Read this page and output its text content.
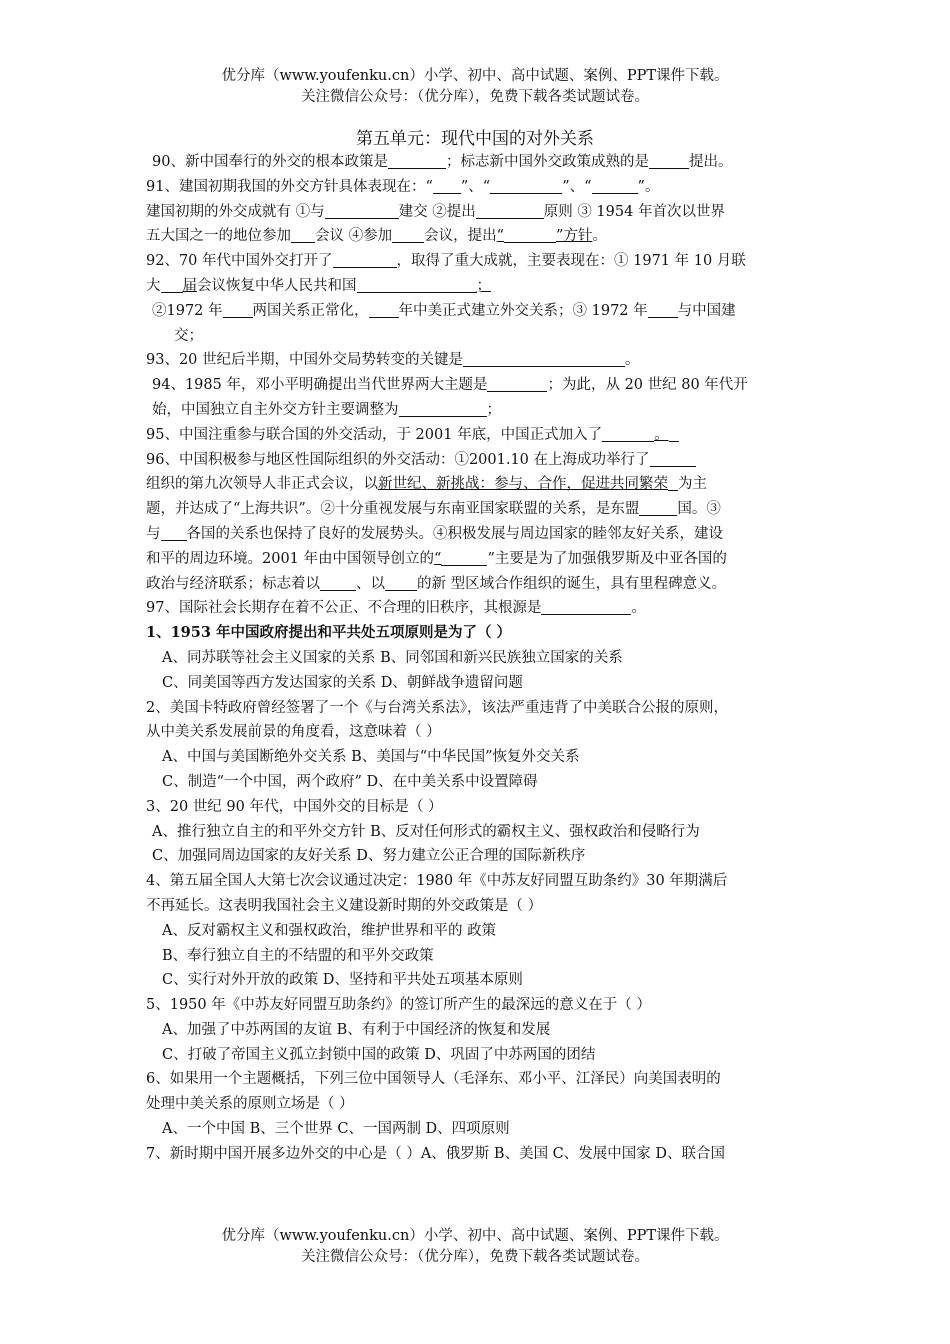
优分库（www.youfenku.cn）小学、初中、高中试题、案例、PPT课件下载。
关注微信公众号：（优分库），免费下载各类试题试卷。
第五单元：现代中国的对外关系
90、新中国奉行的外交的根本政策是	；标志新中国外交政策成熟的是	提出。
91、建国初期我国的外交方针具体表现在：“ ”、“	”、“	”。
建国初期的外交成就有 ①与	建交 ②提出	原则 ③ 1954 年首次以世界
五大国之一的地位参加 会议 ④参加 会议，提出“	”方针。
92、70 年代中国外交打开了	，取得了重大成就，主要表现在：① 1971 年 10 月联
大 届会议恢复中华人民共和国	；
②1972 年 两国关系正常化， 年中美正式建立外交关系；③ 1972 年 与中国建
交；
93、20 世纪后半期，中国外交局势转变的关键是	。
94、1985 年，邓小平明确提出当代世界两大主题是	；为此，从 20 世纪 80 年代开
始，中国独立自主外交方针主要调整为	；
95、中国注重参与联合国的外交活动，于 2001 年底，中国正式加入了	。
96、中国积极参与地区性国际组织的外交活动：①2001.10 在上海成功举行了
组织的第九次领导人非正式会议，以新世纪、新挑战：参与、合作，促进共同繁荣 为主
题，并达成了“上海共识”。②十分重视发展与东南亚国家联盟的关系，是东盟	国。③
与 各国的关系也保持了良好的发展势头。④积极发展与周边国家的睦邻友好关系，建设
和平的周边环境。2001 年由中国领导创立的“	”主要是为了加强俄罗斯及中亚各国的
政治与经济联系；标志着以 、以 的新 型区域合作组织的诞生，具有里程碑意义。
97、国际社会长期存在着不公正、不合理的旧秩序，其根源是	。
1、1953 年中国政府提出和平共处五项原则是为了（ ）
A、同苏联等社会主义国家的关系 B、同邻国和新兴民族独立国家的关系
C、同美国等西方发达国家的关系 D、朝鲜战争遗留问题
2、美国卡特政府曾经签署了一个《与台湾关系法》，该法严重违背了中美联合公报的原则，
从中美关系发展前景的角度看，这意味着（ ）
A、中国与美国断绝外交关系 B、美国与“中华民国”恢复外交关系
C、制造“一个中国，两个政府” D、在中美关系中设置障碍
3、20 世纪 90 年代，中国外交的目标是（ ）
A、推行独立自主的和平外交方针 B、反对任何形式的霸权主义、强权政治和侵略行为
C、加强同周边国家的友好关系 D、努力建立公正合理的国际新秩序
4、第五届全国人大第七次会议通过决定：1980 年《中苏友好同盟互助条约》30 年期满后
不再延长。这表明我国社会主义建设新时期的外交政策是（ ）
A、反对霸权主义和强权政治，维护世界和平的 政策
B、奉行独立自主的不结盟的和平外交政策
C、实行对外开放的政策 D、坚持和平共处五项基本原则
5、1950 年《中苏友好同盟互助条约》的签订所产生的最深远的意义在于（ ）
A、加强了中苏两国的友谊 B、有利于中国经济的恢复和发展
C、打破了帝国主义孤立封锁中国的政策 D、巩固了中苏两国的团结
6、如果用一个主题概括，下列三位中国领导人（毛泽东、邓小平、江泽民）向美国表明的
处理中美关系的原则立场是（ ）
A、一个中国 B、三个世界 C、一国两制 D、四项原则
7、新时期中国开展多边外交的中心是（ ）A、俄罗斯 B、美国 C、发展中国家 D、联合国
优分库（www.youfenku.cn）小学、初中、高中试题、案例、PPT课件下载。
关注微信公众号：（优分库），免费下载各类试题试卷。
